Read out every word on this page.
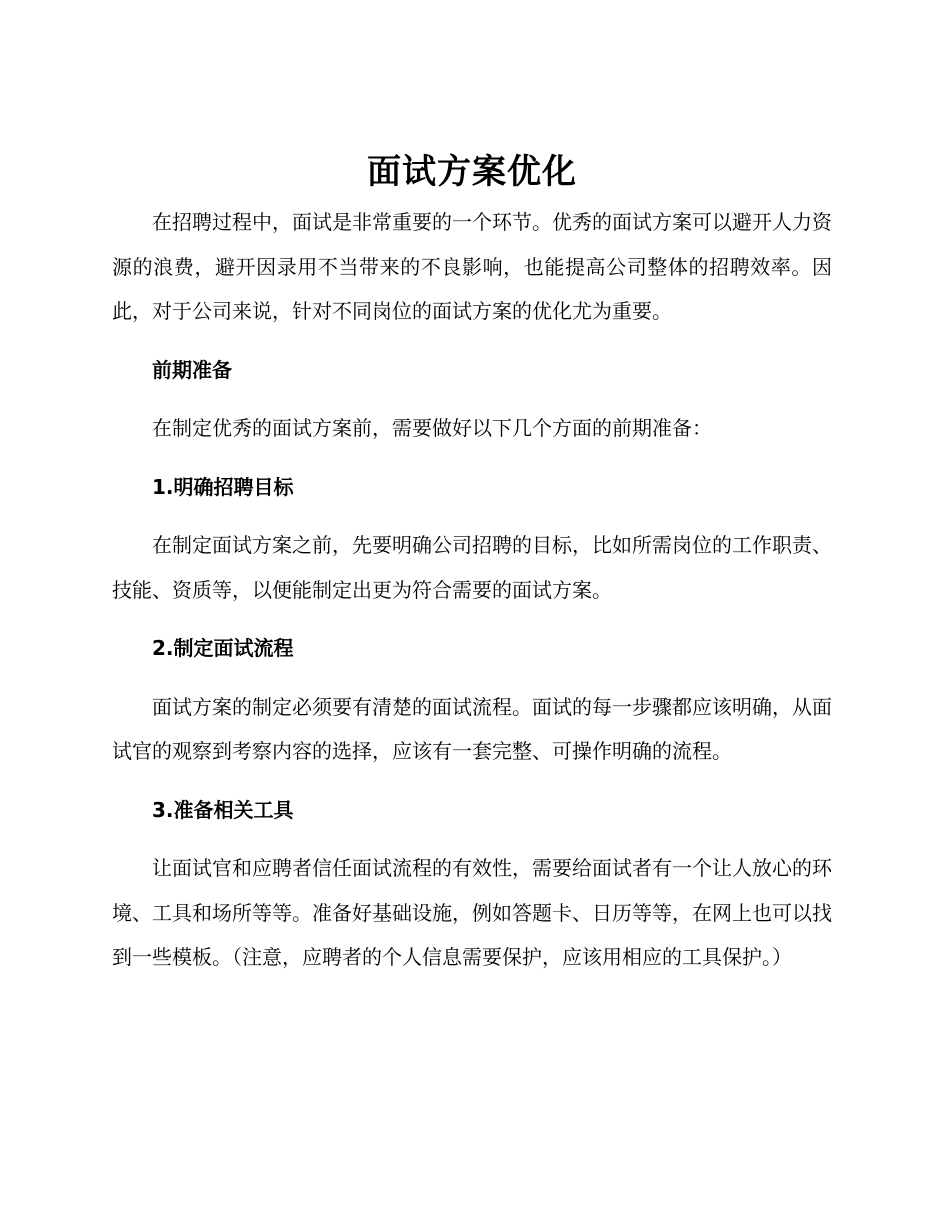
面试方案优化

在招聘过程中，面试是非常重要的一个环节。优秀的面试方案可以避开人力资源的浪费，避开因录用不当带来的不良影响，也能提高公司整体的招聘效率。因此，对于公司来说，针对不同岗位的面试方案的优化尤为重要。

前期准备

在制定优秀的面试方案前，需要做好以下几个方面的前期准备：

1.明确招聘目标

在制定面试方案之前，先要明确公司招聘的目标，比如所需岗位的工作职责、技能、资质等，以便能制定出更为符合需要的面试方案。

2.制定面试流程

面试方案的制定必须要有清楚的面试流程。面试的每一步骤都应该明确，从面试官的观察到考察内容的选择，应该有一套完整、可操作明确的流程。

3.准备相关工具

让面试官和应聘者信任面试流程的有效性，需要给面试者有一个让人放心的环境、工具和场所等等。准备好基础设施，例如答题卡、日历等等，在网上也可以找到一些模板。（注意，应聘者的个人信息需要保护，应该用相应的工具保护。）
